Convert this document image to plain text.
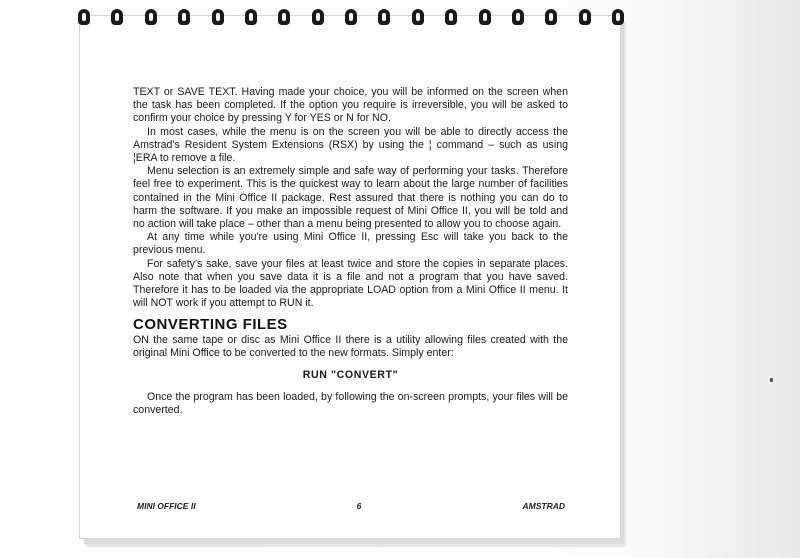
TEXT or SAVE TEXT. Having made your choice, you will be informed on the screen when the task has been completed. If the option you require is irreversible, you will be asked to confirm your choice by pressing Y for YES or N for NO.

In most cases, while the menu is on the screen you will be able to directly access the Amstrad's Resident System Extensions (RSX) by using the ¦ command – such as using ¦ERA to remove a file.

Menu selection is an extremely simple and safe way of performing your tasks. Therefore feel free to experiment. This is the quickest way to learn about the large number of facilities contained in the Mini Office II package. Rest assured that there is nothing you can do to harm the software. If you make an impossible request of Mini Office II, you will be told and no action will take place – other than a menu being presented to allow you to choose again.

At any time while you're using Mini Office II, pressing Esc will take you back to the previous menu.

For safety's sake, save your files at least twice and store the copies in separate places. Also note that when you save data it is a file and not a program that you have saved. Therefore it has to be loaded via the appropriate LOAD option from a Mini Office II menu. It will NOT work if you attempt to RUN it.

CONVERTING FILES

ON the same tape or disc as Mini Office II there is a utility allowing files created with the original Mini Office to be converted to the new formats. Simply enter:

RUN "CONVERT"

Once the program has been loaded, by following the on-screen prompts, your files will be converted.

MINI OFFICE II	6	AMSTRAD
